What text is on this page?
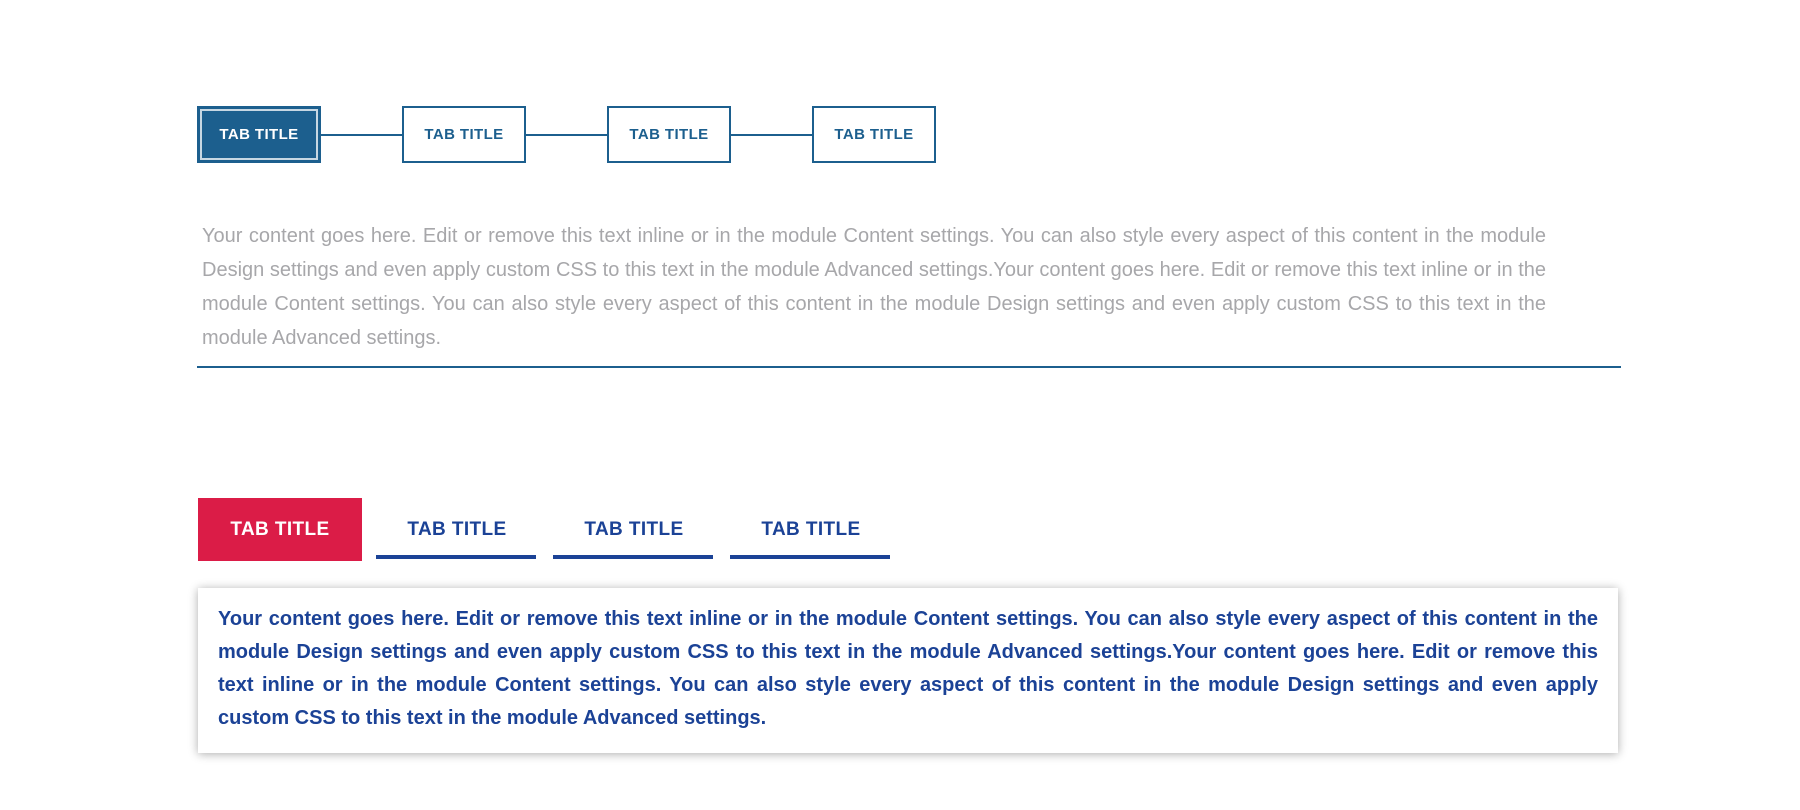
TAB TITLE	TAB TITLE	TAB TITLE	TAB TITLE

Your content goes here. Edit or remove this text inline or in the module Content settings. You can also style every aspect of this content in the module Design settings and even apply custom CSS to this text in the module Advanced settings.Your content goes here. Edit or remove this text inline or in the module Content settings. You can also style every aspect of this content in the module Design settings and even apply custom CSS to this text in the module Advanced settings.

TAB TITLE	TAB TITLE	TAB TITLE	TAB TITLE

Your content goes here. Edit or remove this text inline or in the module Content settings. You can also style every aspect of this content in the module Design settings and even apply custom CSS to this text in the module Advanced settings.Your content goes here. Edit or remove this text inline or in the module Content settings. You can also style every aspect of this content in the module Design settings and even apply custom CSS to this text in the module Advanced settings.
